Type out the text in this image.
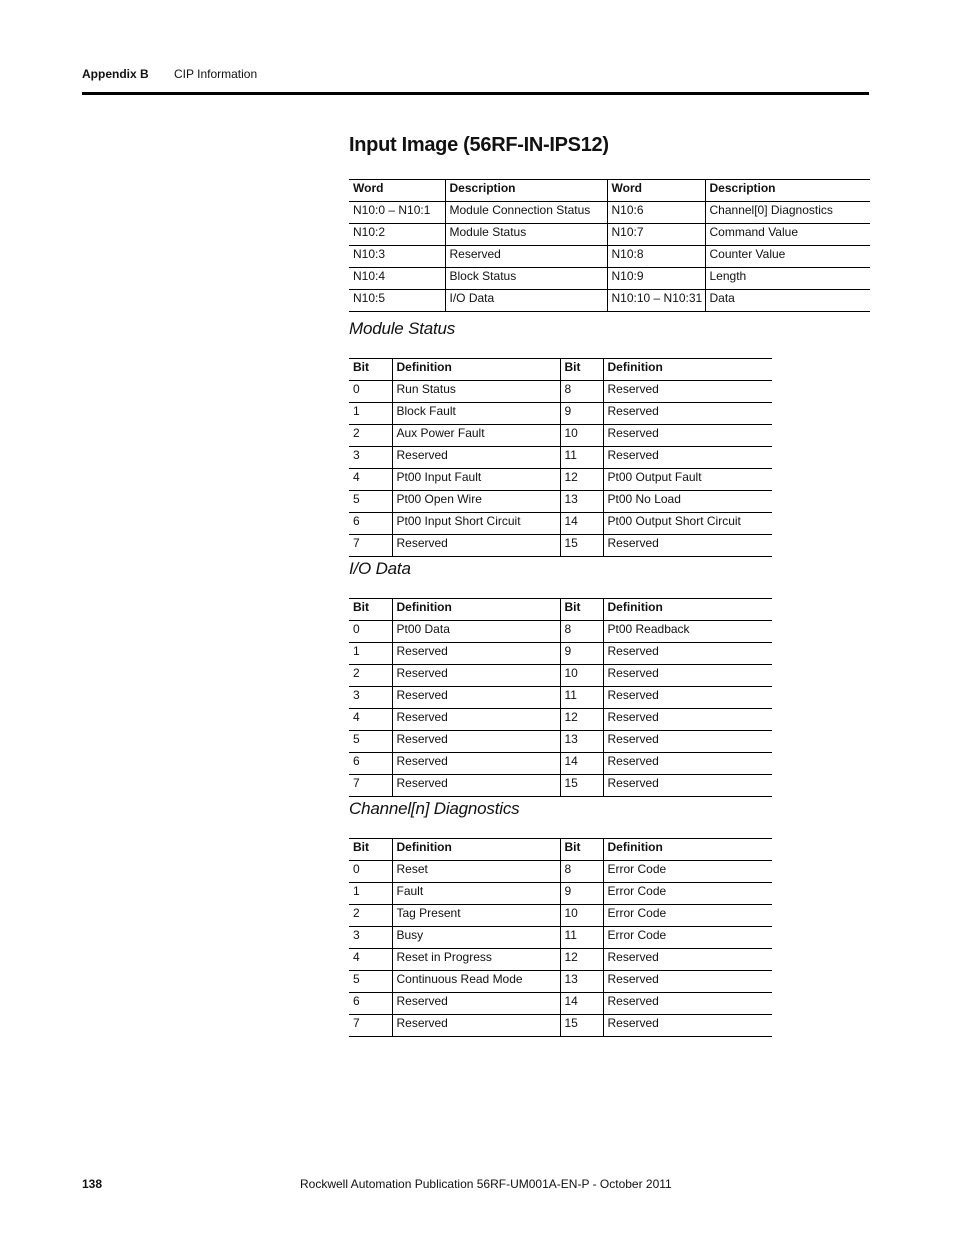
Appendix B CIP Information
Input Image (56RF-IN-IPS12)
Word	Description	Word	Description
N10:0 – N10:1	Module Connection Status	N10:6	Channel[0] Diagnostics
N10:2	Module Status	N10:7	Command Value
N10:3	Reserved	N10:8	Counter Value
N10:4	Block Status	N10:9	Length
N10:5	I/O Data	N10:10 – N10:31	Data
Module Status
Bit	Definition	Bit	Definition
0	Run Status	8	Reserved
1	Block Fault	9	Reserved
2	Aux Power Fault	10	Reserved
3	Reserved	11	Reserved
4	Pt00 Input Fault	12	Pt00 Output Fault
5	Pt00 Open Wire	13	Pt00 No Load
6	Pt00 Input Short Circuit	14	Pt00 Output Short Circuit
7	Reserved	15	Reserved
I/O Data
Bit	Definition	Bit	Definition
0	Pt00 Data	8	Pt00 Readback
1	Reserved	9	Reserved
2	Reserved	10	Reserved
3	Reserved	11	Reserved
4	Reserved	12	Reserved
5	Reserved	13	Reserved
6	Reserved	14	Reserved
7	Reserved	15	Reserved
Channel[n] Diagnostics
Bit	Definition	Bit	Definition
0	Reset	8	Error Code
1	Fault	9	Error Code
2	Tag Present	10	Error Code
3	Busy	11	Error Code
4	Reset in Progress	12	Reserved
5	Continuous Read Mode	13	Reserved
6	Reserved	14	Reserved
7	Reserved	15	Reserved
138	Rockwell Automation Publication 56RF-UM001A-EN-P - October 2011
